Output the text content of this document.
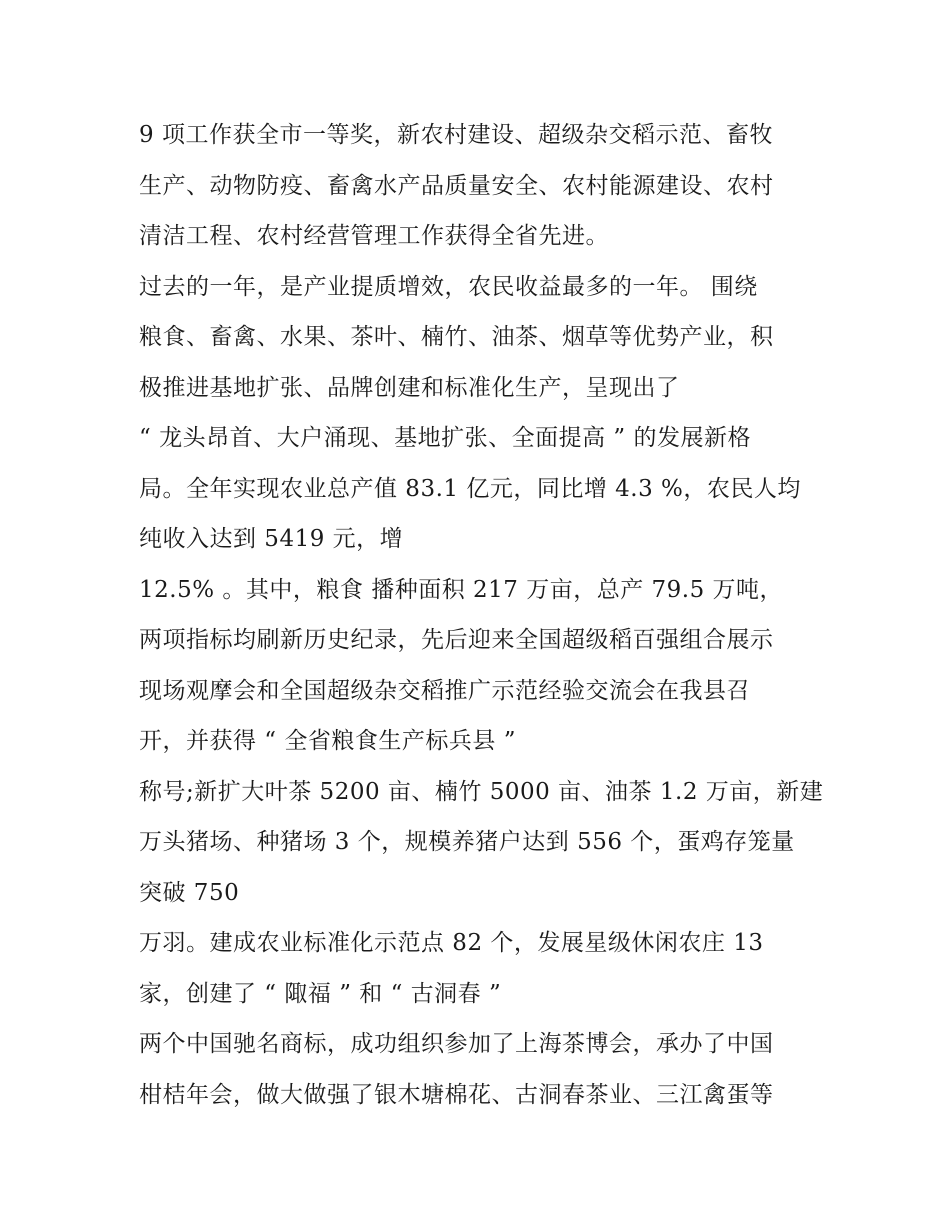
9 项工作获全市一等奖，新农村建设、超级杂交稻示范、畜牧
生产、动物防疫、畜禽水产品质量安全、农村能源建设、农村
清洁工程、农村经营管理工作获得全省先进。
过去的一年，是产业提质增效，农民收益最多的一年。 围绕
粮食、畜禽、水果、茶叶、楠竹、油茶、烟草等优势产业，积
极推进基地扩张、品牌创建和标准化生产，呈现出了
“ 龙头昂首、大户涌现、基地扩张、全面提高 ” 的发展新格
局。全年实现农业总产值 83.1 亿元，同比增 4.3 %，农民人均
纯收入达到 5419 元，增
12.5% 。其中，粮食 播种面积 217 万亩，总产 79.5 万吨，
两项指标均刷新历史纪录，先后迎来全国超级稻百强组合展示
现场观摩会和全国超级杂交稻推广示范经验交流会在我县召
开，并获得 “ 全省粮食生产标兵县 ”
称号;新扩大叶茶 5200 亩、楠竹 5000 亩、油茶 1.2 万亩，新建
万头猪场、种猪场 3 个，规模养猪户达到 556 个，蛋鸡存笼量
突破 750
万羽。建成农业标准化示范点 82 个，发展星级休闲农庄 13
家，创建了 “ 陬福 ” 和 “ 古洞春 ”
两个中国驰名商标，成功组织参加了上海茶博会，承办了中国
柑桔年会，做大做强了银木塘棉花、古洞春茶业、三江禽蛋等
